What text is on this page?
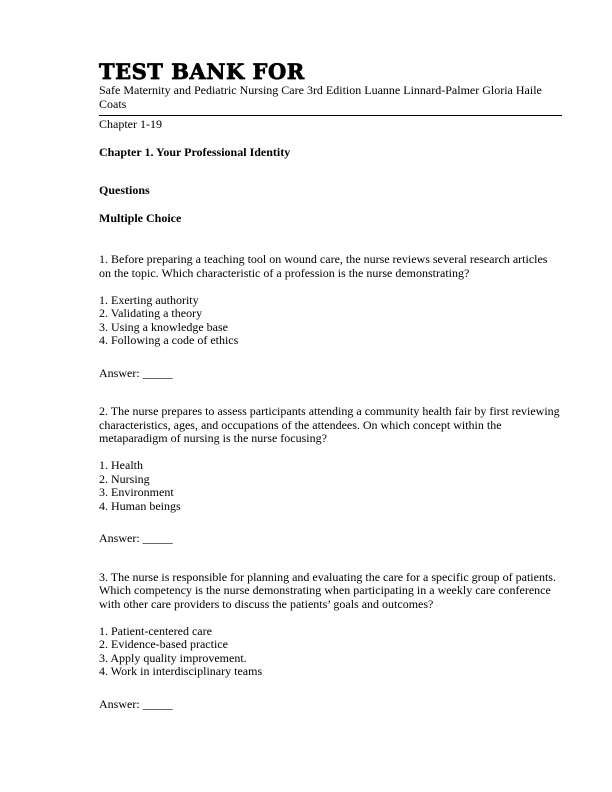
TEST BANK FOR

Safe Maternity and Pediatric Nursing Care 3rd Edition Luanne Linnard-Palmer Gloria Haile Coats

Chapter 1-19

Chapter 1. Your Professional Identity
Questions
Multiple Choice

1. Before preparing a teaching tool on wound care, the nurse reviews several research articles on the topic. Which characteristic of a profession is the nurse demonstrating?

1. Exerting authority
2. Validating a theory
3. Using a knowledge base
4. Following a code of ethics

Answer: _____

2. The nurse prepares to assess participants attending a community health fair by first reviewing characteristics, ages, and occupations of the attendees. On which concept within the metaparadigm of nursing is the nurse focusing?

1. Health
2. Nursing
3. Environment
4. Human beings

Answer: _____

3. The nurse is responsible for planning and evaluating the care for a specific group of patients. Which competency is the nurse demonstrating when participating in a weekly care conference with other care providers to discuss the patients’ goals and outcomes?

1. Patient-centered care
2. Evidence-based practice
3. Apply quality improvement.
4. Work in interdisciplinary teams

Answer: _____
